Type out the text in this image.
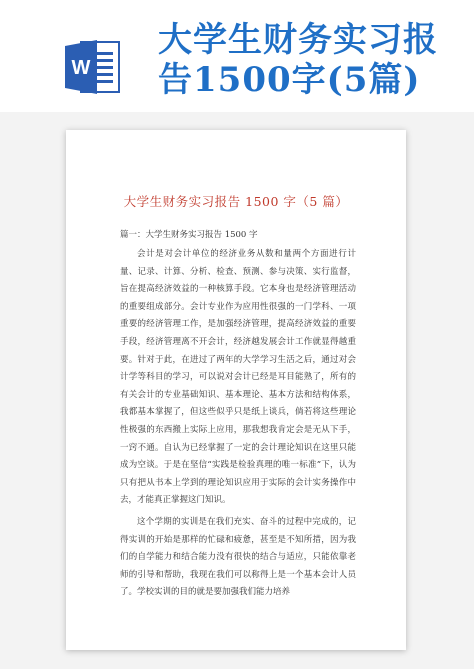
W
大学生财务实习报告1500字(5篇)
大学生财务实习报告 1500 字（5 篇）
篇一：大学生财务实习报告 1500 字

会计是对会计单位的经济业务从数和量两个方面进行计量、记录、计算、分析、检查、预测、参与决策、实行监督，旨在提高经济效益的一种核算手段。它本身也是经济管理活动的重要组成部分。会计专业作为应用性很强的一门学科、一项重要的经济管理工作，是加强经济管理，提高经济效益的重要手段，经济管理离不开会计，经济越发展会计工作就显得越重要。针对于此，在进过了两年的大学学习生活之后，通过对会计学等科目的学习，可以说对会计已经是耳目能熟了，所有的有关会计的专业基础知识、基本理论、基本方法和结构体系，我都基本掌握了，但这些似乎只是纸上谈兵，倘若将这些理论性极强的东西搬上实际上应用，那我想我肯定会是无从下手，一窍不通。自认为已经掌握了一定的会计理论知识在这里只能成为空谈。于是在坚信“实践是检验真理的唯一标准”下，认为只有把从书本上学到的理论知识应用于实际的会计实务操作中去，才能真正掌握这门知识。

这个学期的实训是在我们充实、奋斗的过程中完成的，记得实训的开始是那样的忙碌和疲惫，甚至是不知所措，因为我们的自学能力和结合能力没有很快的结合与适应，只能依靠老师的引导和帮助，我现在我们可以称得上是一个基本会计人员了。学校实训的目的就是要加强我们能力培养
